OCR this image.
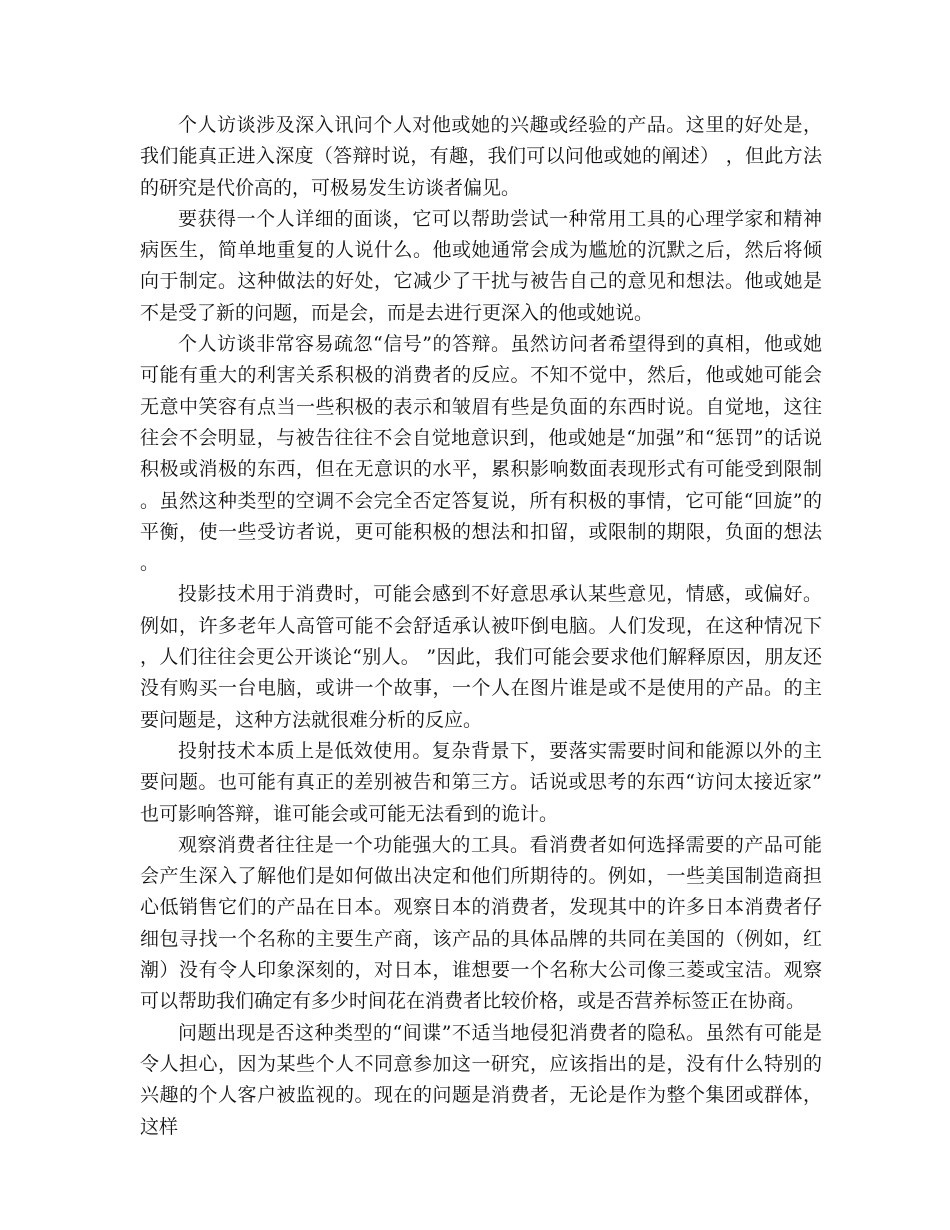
个人访谈涉及深入讯问个人对他或她的兴趣或经验的产品。这里的好处是，我们能真正进入深度（答辩时说，有趣，我们可以问他或她的阐述） ，但此方法的研究是代价高的，可极易发生访谈者偏见。

要获得一个人详细的面谈，它可以帮助尝试一种常用工具的心理学家和精神病医生，简单地重复的人说什么。他或她通常会成为尴尬的沉默之后，然后将倾向于制定。这种做法的好处，它减少了干扰与被告自己的意见和想法。他或她是不是受了新的问题，而是会，而是去进行更深入的他或她说。

个人访谈非常容易疏忽“信号”的答辩。虽然访问者希望得到的真相，他或她可能有重大的利害关系积极的消费者的反应。不知不觉中，然后，他或她可能会无意中笑容有点当一些积极的表示和皱眉有些是负面的东西时说。自觉地，这往往会不会明显，与被告往往不会自觉地意识到，他或她是“加强”和“惩罚”的话说积极或消极的东西，但在无意识的水平，累积影响数面表现形式有可能受到限制。虽然这种类型的空调不会完全否定答复说，所有积极的事情，它可能“回旋”的平衡，使一些受访者说，更可能积极的想法和扣留，或限制的期限，负面的想法。

投影技术用于消费时，可能会感到不好意思承认某些意见，情感，或偏好。例如，许多老年人高管可能不会舒适承认被吓倒电脑。人们发现，在这种情况下，人们往往会更公开谈论“别人。 ”因此，我们可能会要求他们解释原因，朋友还没有购买一台电脑，或讲一个故事，一个人在图片谁是或不是使用的产品。的主要问题是，这种方法就很难分析的反应。

投射技术本质上是低效使用。复杂背景下，要落实需要时间和能源以外的主要问题。也可能有真正的差别被告和第三方。话说或思考的东西“访问太接近家”也可影响答辩，谁可能会或可能无法看到的诡计。

观察消费者往往是一个功能强大的工具。看消费者如何选择需要的产品可能会产生深入了解他们是如何做出决定和他们所期待的。例如，一些美国制造商担心低销售它们的产品在日本。观察日本的消费者，发现其中的许多日本消费者仔细包寻找一个名称的主要生产商，该产品的具体品牌的共同在美国的（例如，红潮）没有令人印象深刻的，对日本，谁想要一个名称大公司像三菱或宝洁。观察可以帮助我们确定有多少时间花在消费者比较价格，或是否营养标签正在协商。

问题出现是否这种类型的“间谍”不适当地侵犯消费者的隐私。虽然有可能是令人担心，因为某些个人不同意参加这一研究，应该指出的是，没有什么特别的兴趣的个人客户被监视的。现在的问题是消费者，无论是作为整个集团或群体，这样
